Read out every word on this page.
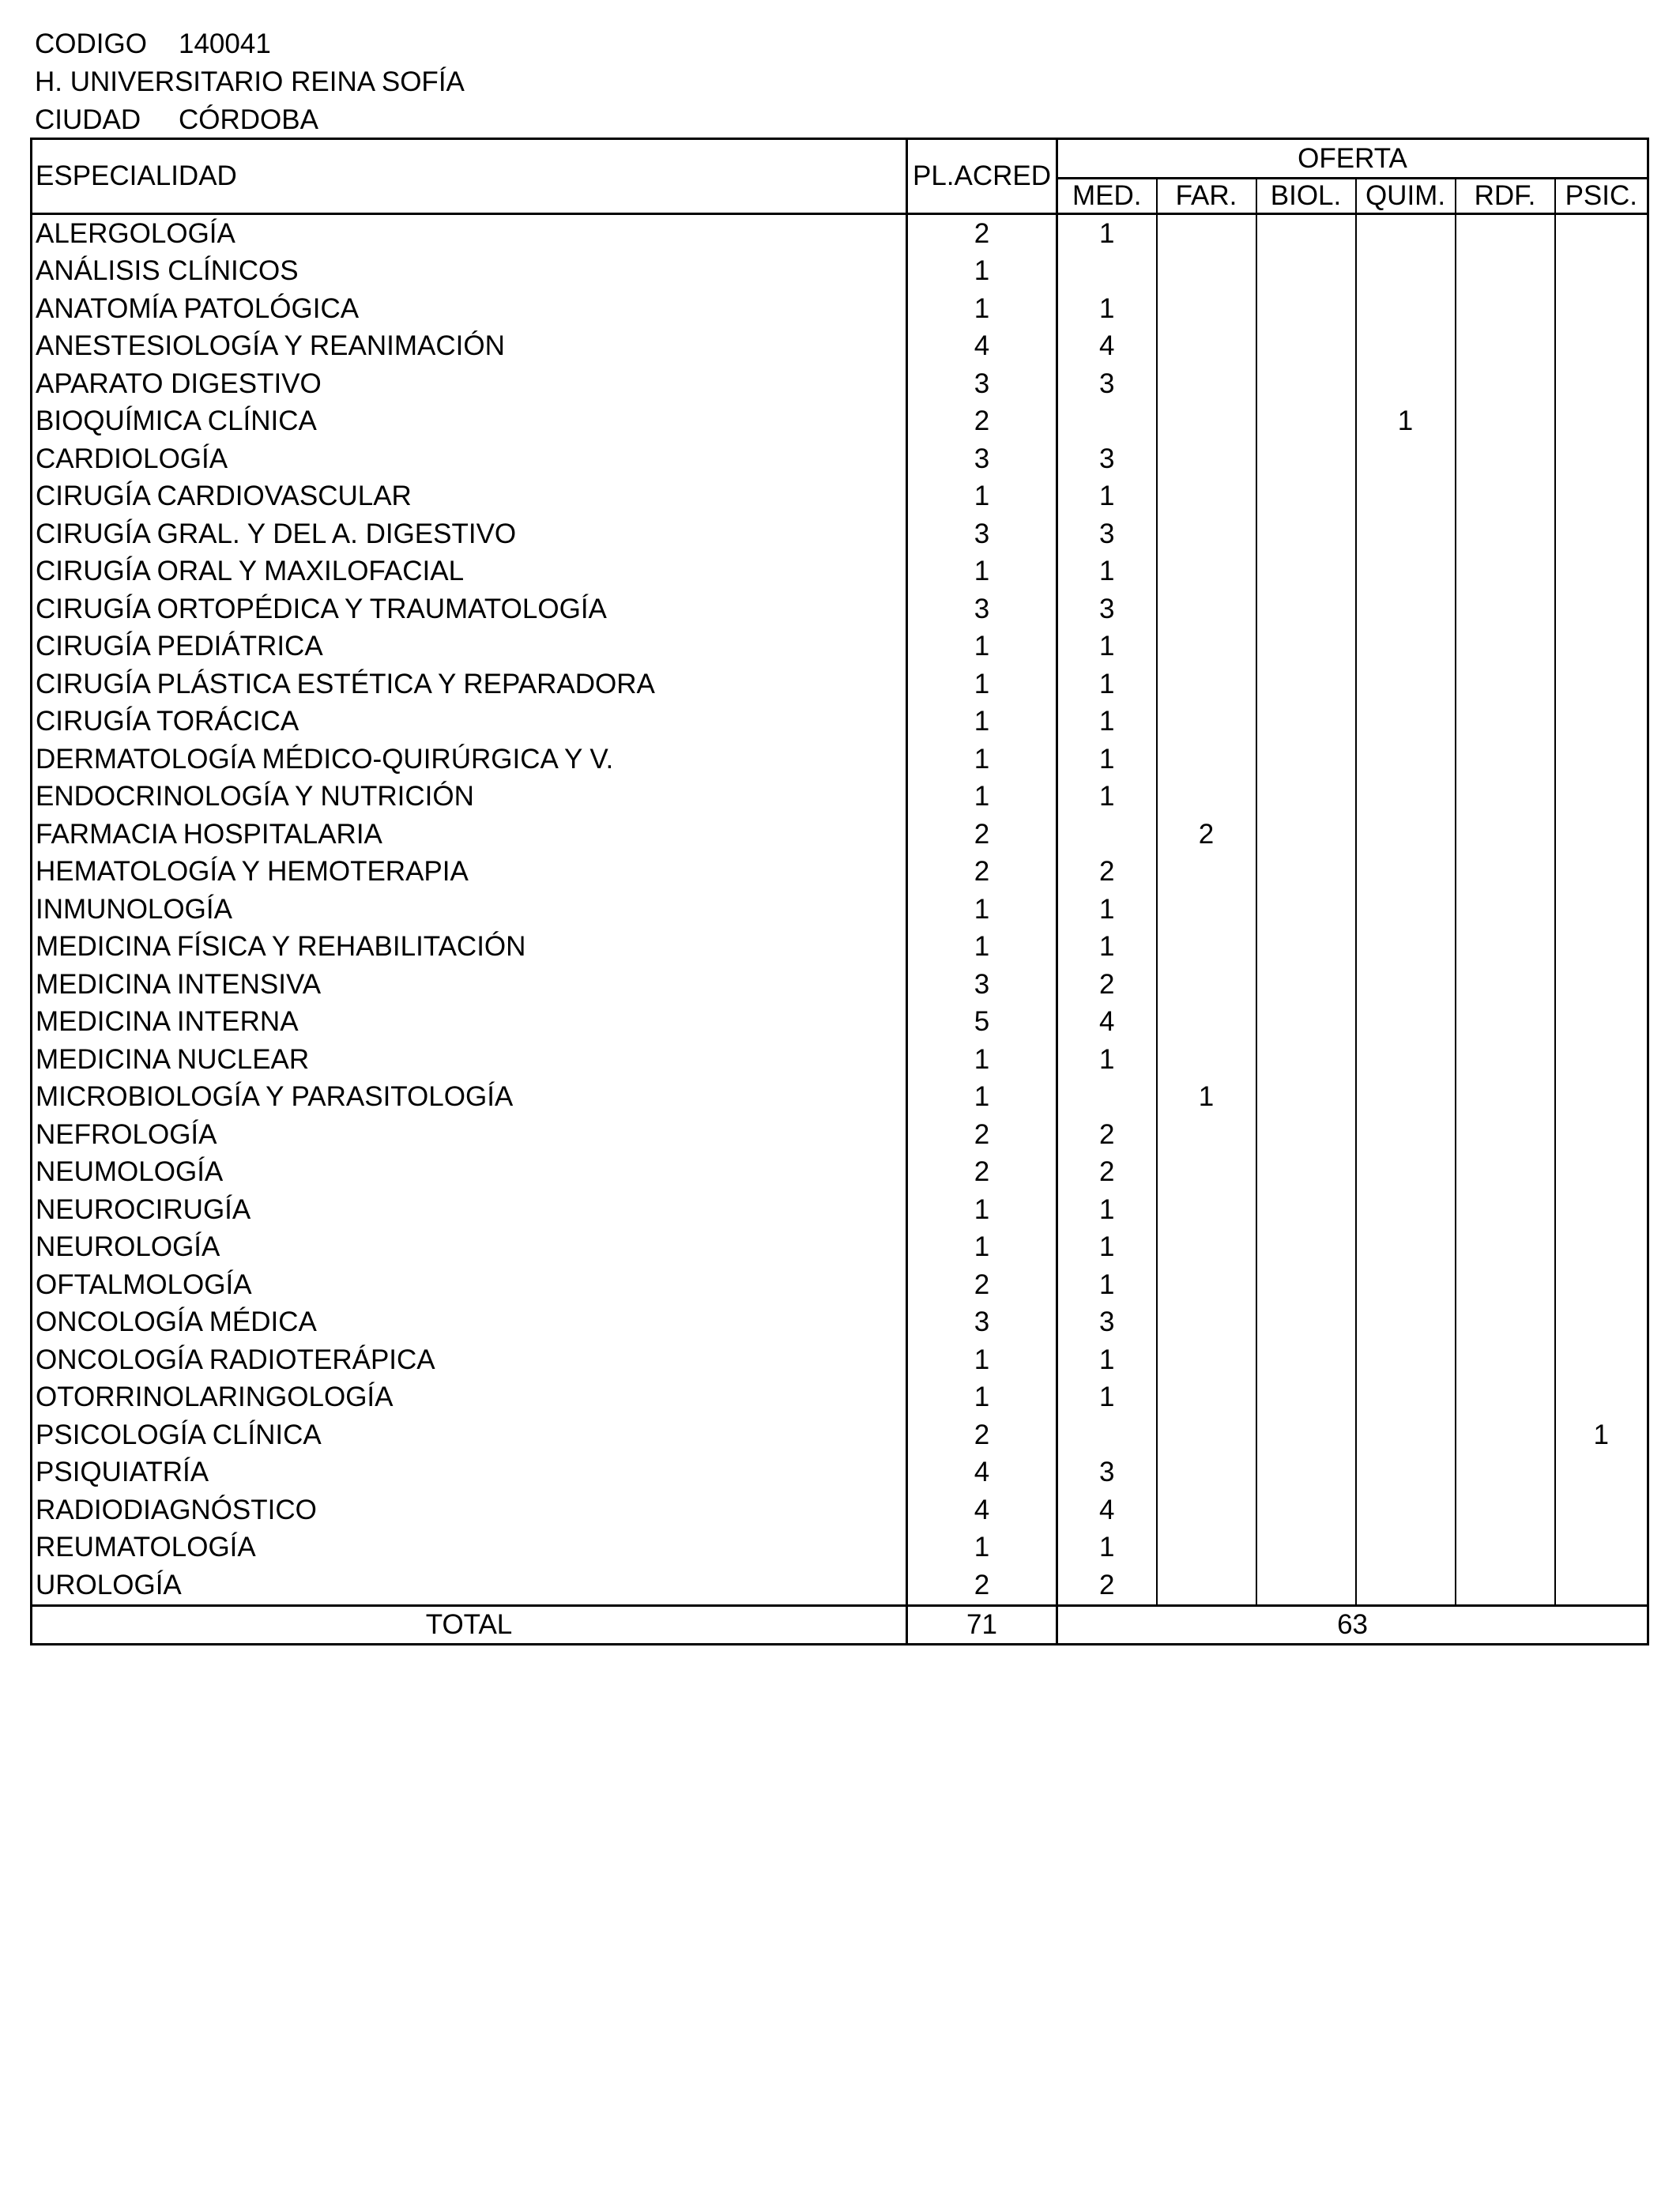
CODIGO 140041
H. UNIVERSITARIO REINA SOFÍA
CIUDAD CÓRDOBA
ESPECIALIDAD	PL.ACRED	OFERTA					
		MED.	FAR.	BIOL.	QUIM.	RDF.	PSIC.
ALERGOLOGÍA	2	1					
ANÁLISIS CLÍNICOS	1						
ANATOMÍA PATOLÓGICA	1	1					
ANESTESIOLOGÍA Y REANIMACIÓN	4	4					
APARATO DIGESTIVO	3	3					
BIOQUÍMICA CLÍNICA	2				1		
CARDIOLOGÍA	3	3					
CIRUGÍA CARDIOVASCULAR	1	1					
CIRUGÍA GRAL. Y DEL A. DIGESTIVO	3	3					
CIRUGÍA ORAL Y MAXILOFACIAL	1	1					
CIRUGÍA ORTOPÉDICA Y TRAUMATOLOGÍA	3	3					
CIRUGÍA PEDIÁTRICA	1	1					
CIRUGÍA PLÁSTICA ESTÉTICA Y REPARADORA	1	1					
CIRUGÍA TORÁCICA	1	1					
DERMATOLOGÍA MÉDICO-QUIRÚRGICA Y V.	1	1					
ENDOCRINOLOGÍA Y NUTRICIÓN	1	1					
FARMACIA HOSPITALARIA	2		2				
HEMATOLOGÍA Y HEMOTERAPIA	2	2					
INMUNOLOGÍA	1	1					
MEDICINA FÍSICA Y REHABILITACIÓN	1	1					
MEDICINA INTENSIVA	3	2					
MEDICINA INTERNA	5	4					
MEDICINA NUCLEAR	1	1					
MICROBIOLOGÍA Y PARASITOLOGÍA	1		1				
NEFROLOGÍA	2	2					
NEUMOLOGÍA	2	2					
NEUROCIRUGÍA	1	1					
NEUROLOGÍA	1	1					
OFTALMOLOGÍA	2	1					
ONCOLOGÍA MÉDICA	3	3					
ONCOLOGÍA RADIOTERÁPICA	1	1					
OTORRINOLARINGOLOGÍA	1	1					
PSICOLOGÍA CLÍNICA	2						1
PSIQUIATRÍA	4	3					
RADIODIAGNÓSTICO	4	4					
REUMATOLOGÍA	1	1					
UROLOGÍA	2	2					
TOTAL	71	63					
